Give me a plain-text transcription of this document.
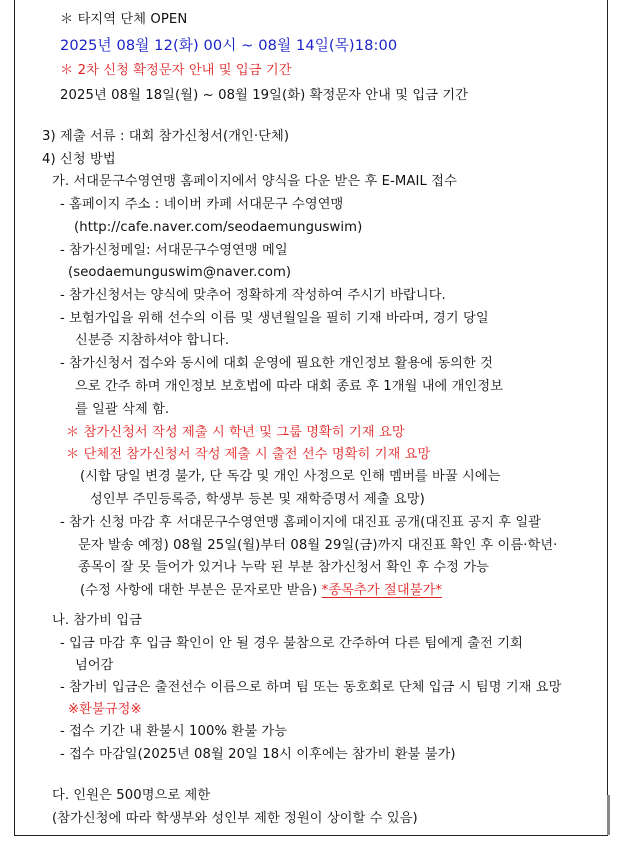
＊ 타지역 단체 OPEN
2025년 08월 12(화) 00시 ~ 08월 14일(목)18:00
＊ 2차 신청 확정문자 안내 및 입금 기간
2025년 08월 18일(월) ~ 08월 19일(화) 확정문자 안내 및 입금 기간
3) 제출 서류 : 대회 참가신청서(개인·단체)
4) 신청 방법
가. 서대문구수영연맹 홈페이지에서 양식을 다운 받은 후 E-MAIL 접수
- 홈페이지 주소 : 네이버 카페 서대문구 수영연맹
(http://cafe.naver.com/seodaemunguswim)
- 참가신청메일: 서대문구수영연맹 메일
(seodaemunguswim@naver.com)
- 참가신청서는 양식에 맞추어 정확하게 작성하여 주시기 바랍니다.
- 보험가입을 위해 선수의 이름 및 생년월일을 필히 기재 바라며, 경기 당일
신분증 지참하셔야 합니다.
- 참가신청서 접수와 동시에 대회 운영에 필요한 개인정보 활용에 동의한 것
으로 간주 하며 개인정보 보호법에 따라 대회 종료 후 1개월 내에 개인정보
를 일괄 삭제 함.
＊ 참가신청서 작성 제출 시 학년 및 그룹 명확히 기재 요망
＊ 단체전 참가신청서 작성 제출 시 출전 선수 명확히 기재 요망
(시합 당일 변경 불가, 단 독감 및 개인 사정으로 인해 멤버를 바꿀 시에는
성인부 주민등록증, 학생부 등본 및 재학증명서 제출 요망)
- 참가 신청 마감 후 서대문구수영연맹 홈페이지에 대진표 공개(대진표 공지 후 일괄
문자 발송 예정) 08월 25일(월)부터 08월 29일(금)까지 대진표 확인 후 이름·학년·
종목이 잘 못 들어가 있거나 누락 된 부분 참가신청서 확인 후 수정 가능
(수정 사항에 대한 부분은 문자로만 받음) *종목추가 절대불가*
나. 참가비 입금
- 입금 마감 후 입금 확인이 안 될 경우 불참으로 간주하여 다른 팀에게 출전 기회
넘어감
- 참가비 입금은 출전선수 이름으로 하며 팀 또는 동호회로 단체 입금 시 팀명 기재 요망
※환불규정※
- 접수 기간 내 환불시 100% 환불 가능
- 접수 마감일(2025년 08월 20일 18시 이후에는 참가비 환불 불가)
다. 인원은 500명으로 제한
(참가신청에 따라 학생부와 성인부 제한 정원이 상이할 수 있음)
